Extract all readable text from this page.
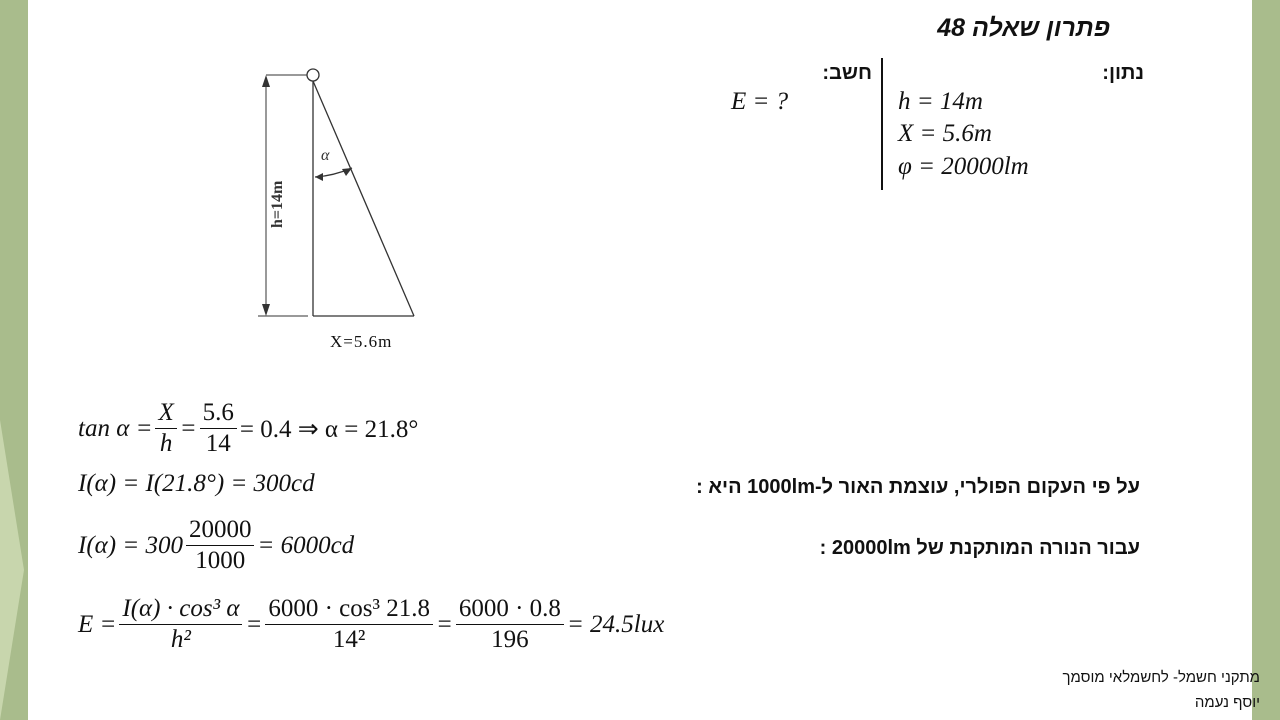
פתרון שאלה 48
נתון:
חשב:
h = 14m
X = 5.6m
φ = 20000lm
E = ?
α
h=14m
X=5.6m
$\tan \alpha = \frac{X}{h} = \frac{5.6}{14} = 0.4$ ⇒ α = 21.8°
I(α) = I(21.8°) = 300cd	על פי העקום הפולרי, עוצמת האור ל-1000lm היא :
$I(\alpha) = 300 \frac{20000}{1000} = 6000cd$	עבור הנורה המותקנת של 20000lm :
$E = \frac{\text{I(α) · cos³ α}}{\text{h²}} = \frac{\text{6000 · cos³ 21.8}}{\text{14²}} = \frac{6000 \cdot 0.8}{196} = 24.5lux$
מתקני חשמל- לחשמלאי מוסמך
יוסף נעמה
